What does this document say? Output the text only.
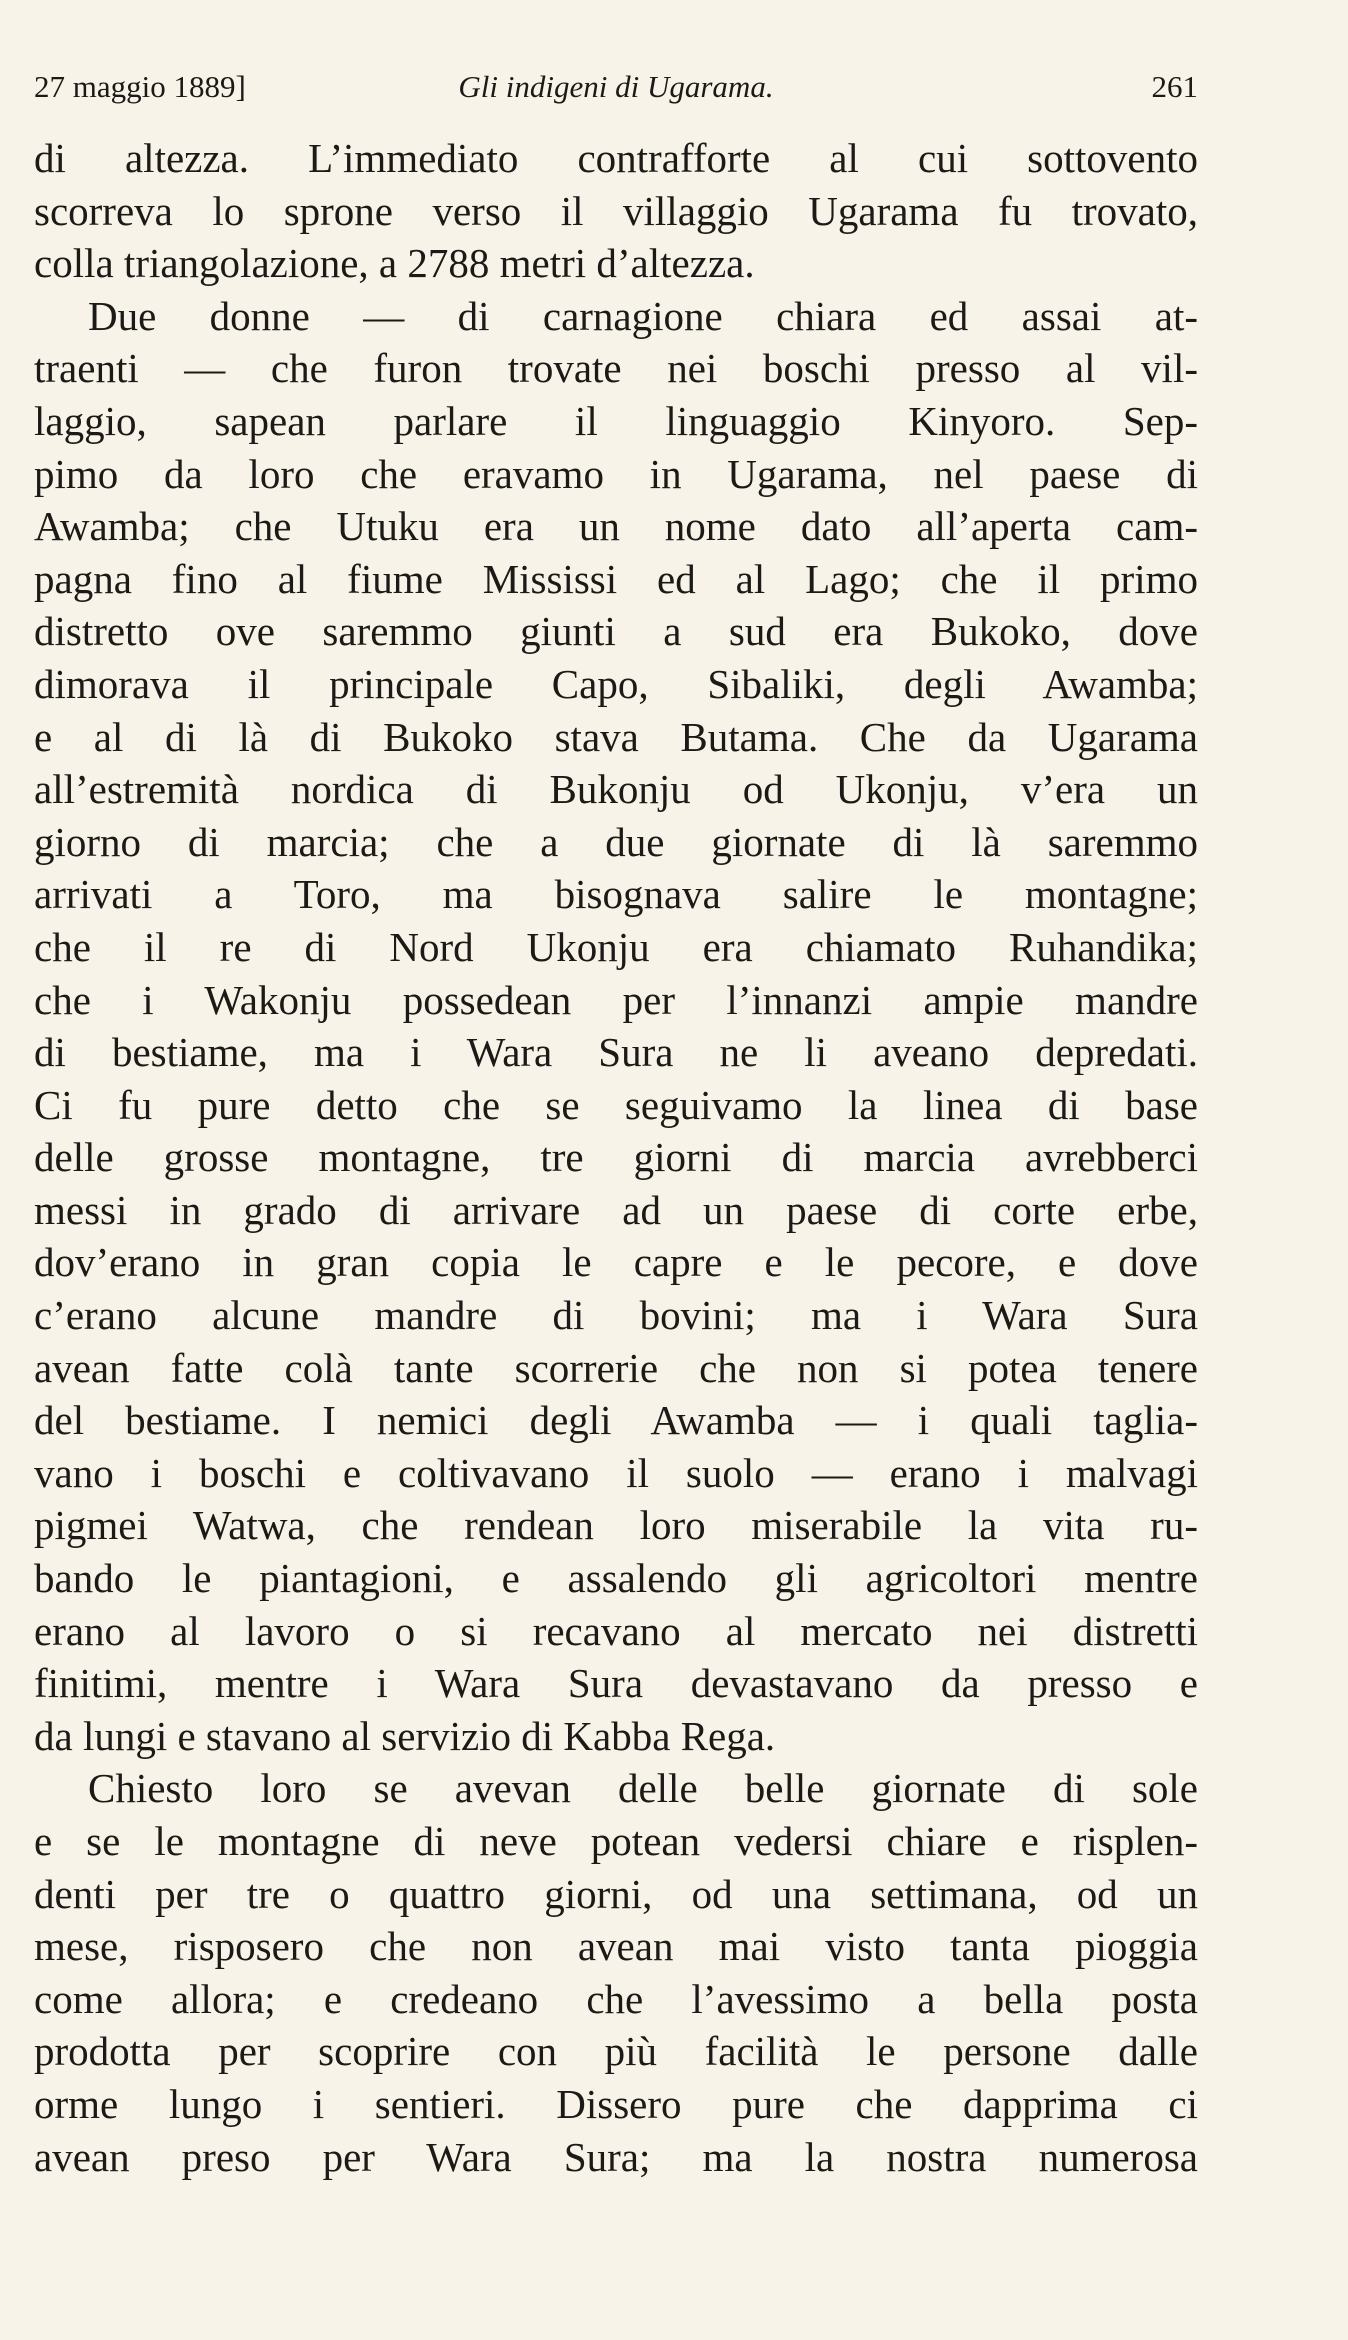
27 maggio 1889]	Gli indigeni di Ugarama.	261
di altezza. L’immediato contrafforte al cui sottovento
scorreva lo sprone verso il villaggio Ugarama fu trovato,
colla triangolazione, a 2788 metri d’altezza.
Due donne — di carnagione chiara ed assai at-
traenti — che furon trovate nei boschi presso al vil-
laggio, sapean parlare il linguaggio Kinyoro. Sep-
pimo da loro che eravamo in Ugarama, nel paese di
Awamba; che Utuku era un nome dato all’aperta cam-
pagna fino al fiume Mississi ed al Lago; che il primo
distretto ove saremmo giunti a sud era Bukoko, dove
dimorava il principale Capo, Sibaliki, degli Awamba;
e al di là di Bukoko stava Butama. Che da Ugarama
all’estremità nordica di Bukonju od Ukonju, v’era un
giorno di marcia; che a due giornate di là saremmo
arrivati a Toro, ma bisognava salire le montagne;
che il re di Nord Ukonju era chiamato Ruhandika;
che i Wakonju possedean per l’innanzi ampie mandre
di bestiame, ma i Wara Sura ne li aveano depredati.
Ci fu pure detto che se seguivamo la linea di base
delle grosse montagne, tre giorni di marcia avrebberci
messi in grado di arrivare ad un paese di corte erbe,
dov’erano in gran copia le capre e le pecore, e dove
c’erano alcune mandre di bovini; ma i Wara Sura
avean fatte colà tante scorrerie che non si potea tenere
del bestiame. I nemici degli Awamba — i quali taglia-
vano i boschi e coltivavano il suolo — erano i malvagi
pigmei Watwa, che rendean loro miserabile la vita ru-
bando le piantagioni, e assalendo gli agricoltori mentre
erano al lavoro o si recavano al mercato nei distretti
finitimi, mentre i Wara Sura devastavano da presso e
da lungi e stavano al servizio di Kabba Rega.
Chiesto loro se avevan delle belle giornate di sole
e se le montagne di neve potean vedersi chiare e risplen-
denti per tre o quattro giorni, od una settimana, od un
mese, risposero che non avean mai visto tanta pioggia
come allora; e credeano che l’avessimo a bella posta
prodotta per scoprire con più facilità le persone dalle
orme lungo i sentieri. Dissero pure che dapprima ci
avean preso per Wara Sura; ma la nostra numerosa
